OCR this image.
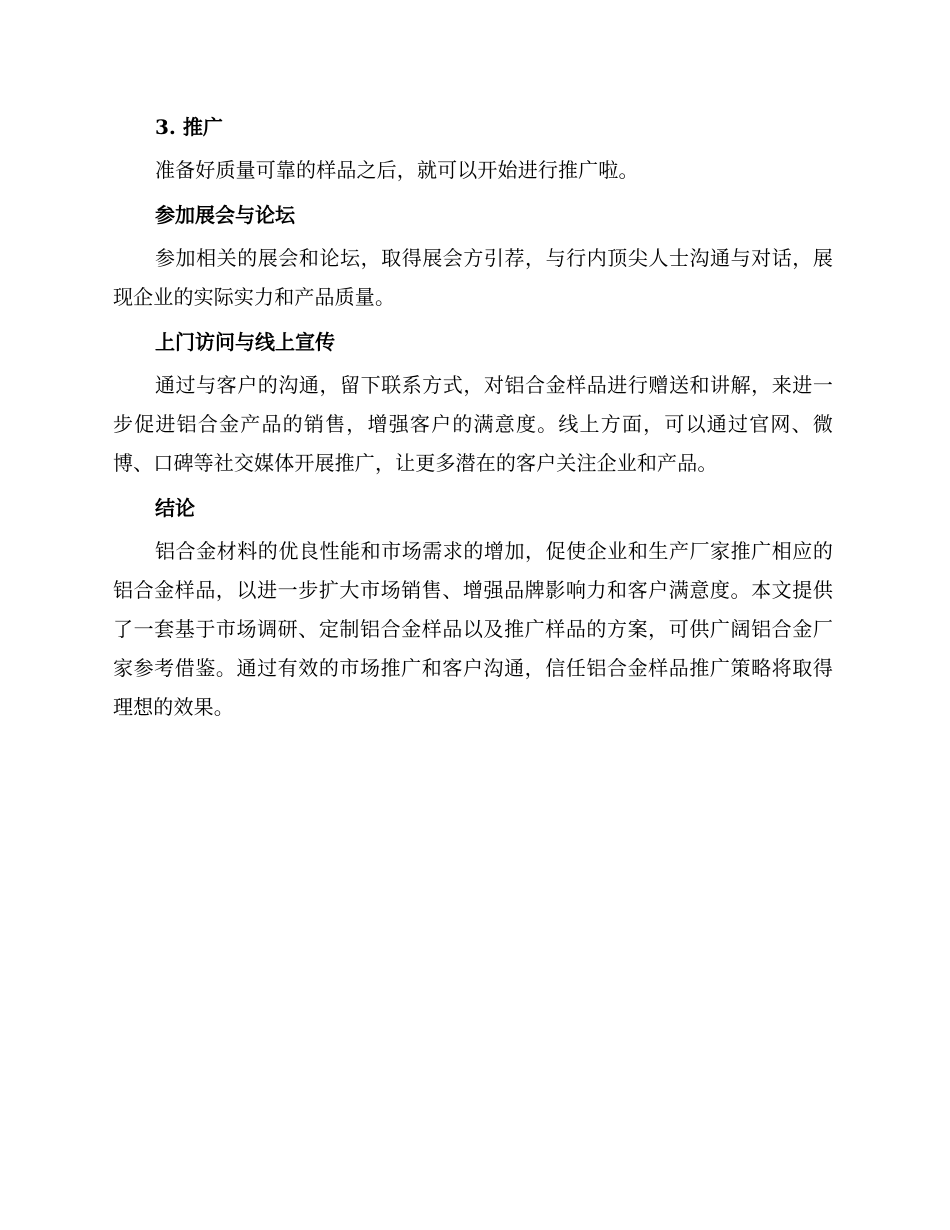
3. 推广

准备好质量可靠的样品之后，就可以开始进行推广啦。

参加展会与论坛

参加相关的展会和论坛，取得展会方引荐，与行内顶尖人士沟通与对话，展现企业的实际实力和产品质量。

上门访问与线上宣传

通过与客户的沟通，留下联系方式，对铝合金样品进行赠送和讲解，来进一步促进铝合金产品的销售，增强客户的满意度。线上方面，可以通过官网、微博、口碑等社交媒体开展推广，让更多潜在的客户关注企业和产品。

结论

铝合金材料的优良性能和市场需求的增加，促使企业和生产厂家推广相应的铝合金样品，以进一步扩大市场销售、增强品牌影响力和客户满意度。本文提供了一套基于市场调研、定制铝合金样品以及推广样品的方案，可供广阔铝合金厂家参考借鉴。通过有效的市场推广和客户沟通，信任铝合金样品推广策略将取得理想的效果。
